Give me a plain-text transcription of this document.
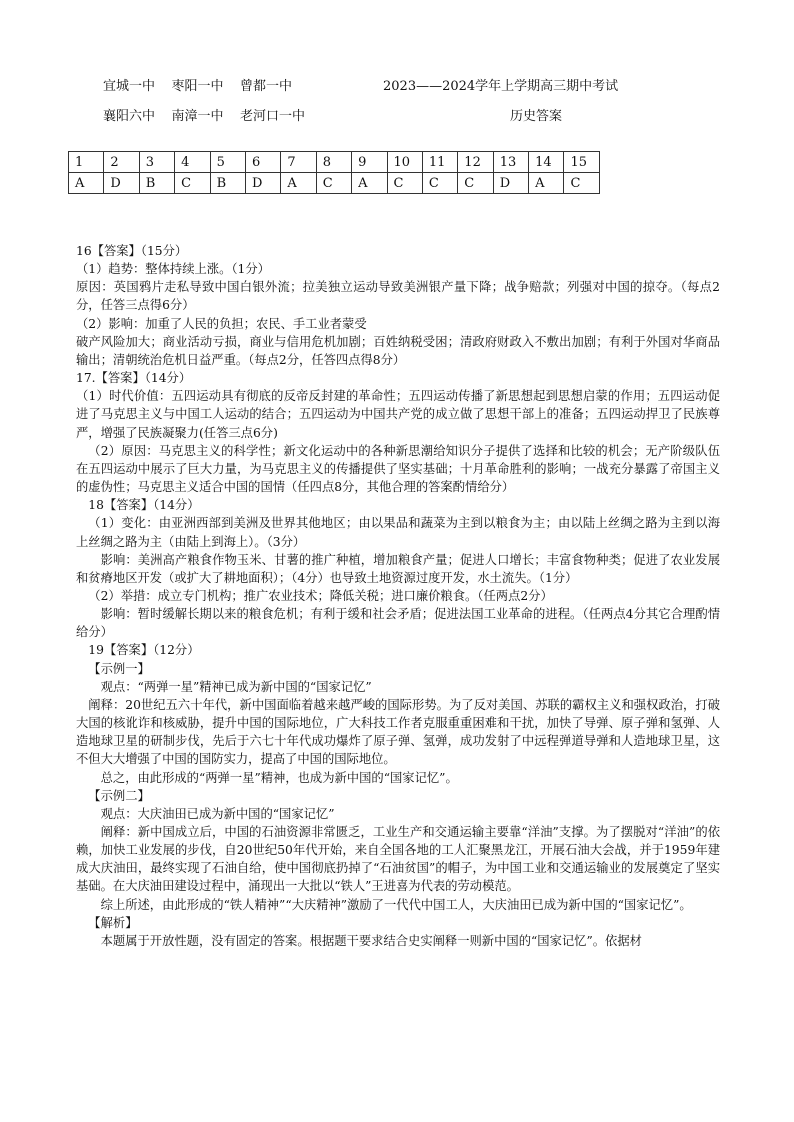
宜城一中    枣阳一中    曾都一中
襄阳六中    南漳一中    老河口一中
2023——2024学年上学期高三期中考试
历史答案
1	2	3	4	5	6	7	8	9	10	11	12	13	14	15
A	D	B	C	B	D	A	C	A	C	C	C	D	A	C

16【答案】（15分）

（1）趋势：整体持续上涨。（1分）

原因：英国鸦片走私导致中国白银外流；拉美独立运动导致美洲银产量下降；战争赔款；列强对中国的掠夺。（每点2分，任答三点得6分）

（2）影响：加重了人民的负担；农民、手工业者蒙受

破产风险加大；商业活动亏损，商业与信用危机加剧；百姓纳税受困；清政府财政入不敷出加剧；有利于外国对华商品输出；清朝统治危机日益严重。（每点2分，任答四点得8分）

17.【答案】（14分）

（1）时代价值：五四运动具有彻底的反帝反封建的革命性；五四运动传播了新思想起到思想启蒙的作用；五四运动促进了马克思主义与中国工人运动的结合；五四运动为中国共产党的成立做了思想干部上的准备；五四运动捍卫了民族尊严，增强了民族凝聚力(任答三点6分)

（2）原因：马克思主义的科学性；新文化运动中的各种新思潮给知识分子提供了选择和比较的机会；无产阶级队伍在五四运动中展示了巨大力量，为马克思主义的传播提供了坚实基础；十月革命胜利的影响；一战充分暴露了帝国主义的虚伪性；马克思主义适合中国的国情（任四点8分，其他合理的答案酌情给分）

18【答案】（14分）

（1）变化：由亚洲西部到美洲及世界其他地区；由以果品和蔬菜为主到以粮食为主；由以陆上丝绸之路为主到以海上丝绸之路为主（由陆上到海上）。（3分）

影响：美洲高产粮食作物玉米、甘薯的推广种植，增加粮食产量；促进人口增长；丰富食物种类；促进了农业发展和贫瘠地区开发（或扩大了耕地面积）；（4分）也导致土地资源过度开发，水土流失。（1分）

（2）举措：成立专门机构；推广农业技术；降低关税；进口廉价粮食。（任两点2分）

影响：暂时缓解长期以来的粮食危机；有利于缓和社会矛盾；促进法国工业革命的进程。（任两点4分其它合理酌情给分）

19【答案】（12分）

【示例一】

观点：“两弹一星”精神已成为新中国的“国家记忆”

阐释：20世纪五六十年代，新中国面临着越来越严峻的国际形势。为了反对美国、苏联的霸权主义和强权政治，打破大国的核讹诈和核威胁，提升中国的国际地位，广大科技工作者克服重重困难和干扰，加快了导弹、原子弹和氢弹、人造地球卫星的研制步伐，先后于六七十年代成功爆炸了原子弹、氢弹，成功发射了中远程弹道导弹和人造地球卫星，这不但大大增强了中国的国防实力，提高了中国的国际地位。

总之，由此形成的“两弹一星”精神，也成为新中国的“国家记忆”。

【示例二】

观点：大庆油田已成为新中国的“国家记忆”

阐释：新中国成立后，中国的石油资源非常匮乏，工业生产和交通运输主要靠“洋油”支撑。为了摆脱对“洋油”的依赖，加快工业发展的步伐，自20世纪50年代开始，来自全国各地的工人汇聚黑龙江，开展石油大会战，并于1959年建成大庆油田，最终实现了石油自给，使中国彻底扔掉了“石油贫国”的帽子，为中国工业和交通运输业的发展奠定了坚实基础。在大庆油田建设过程中，涌现出一大批以“铁人”王进喜为代表的劳动模范。

综上所述，由此形成的“铁人精神”“大庆精神”激励了一代代中国工人，大庆油田已成为新中国的“国家记忆”。

【解析】

本题属于开放性题，没有固定的答案。根据题干要求结合史实阐释一则新中国的“国家记忆”。依据材
